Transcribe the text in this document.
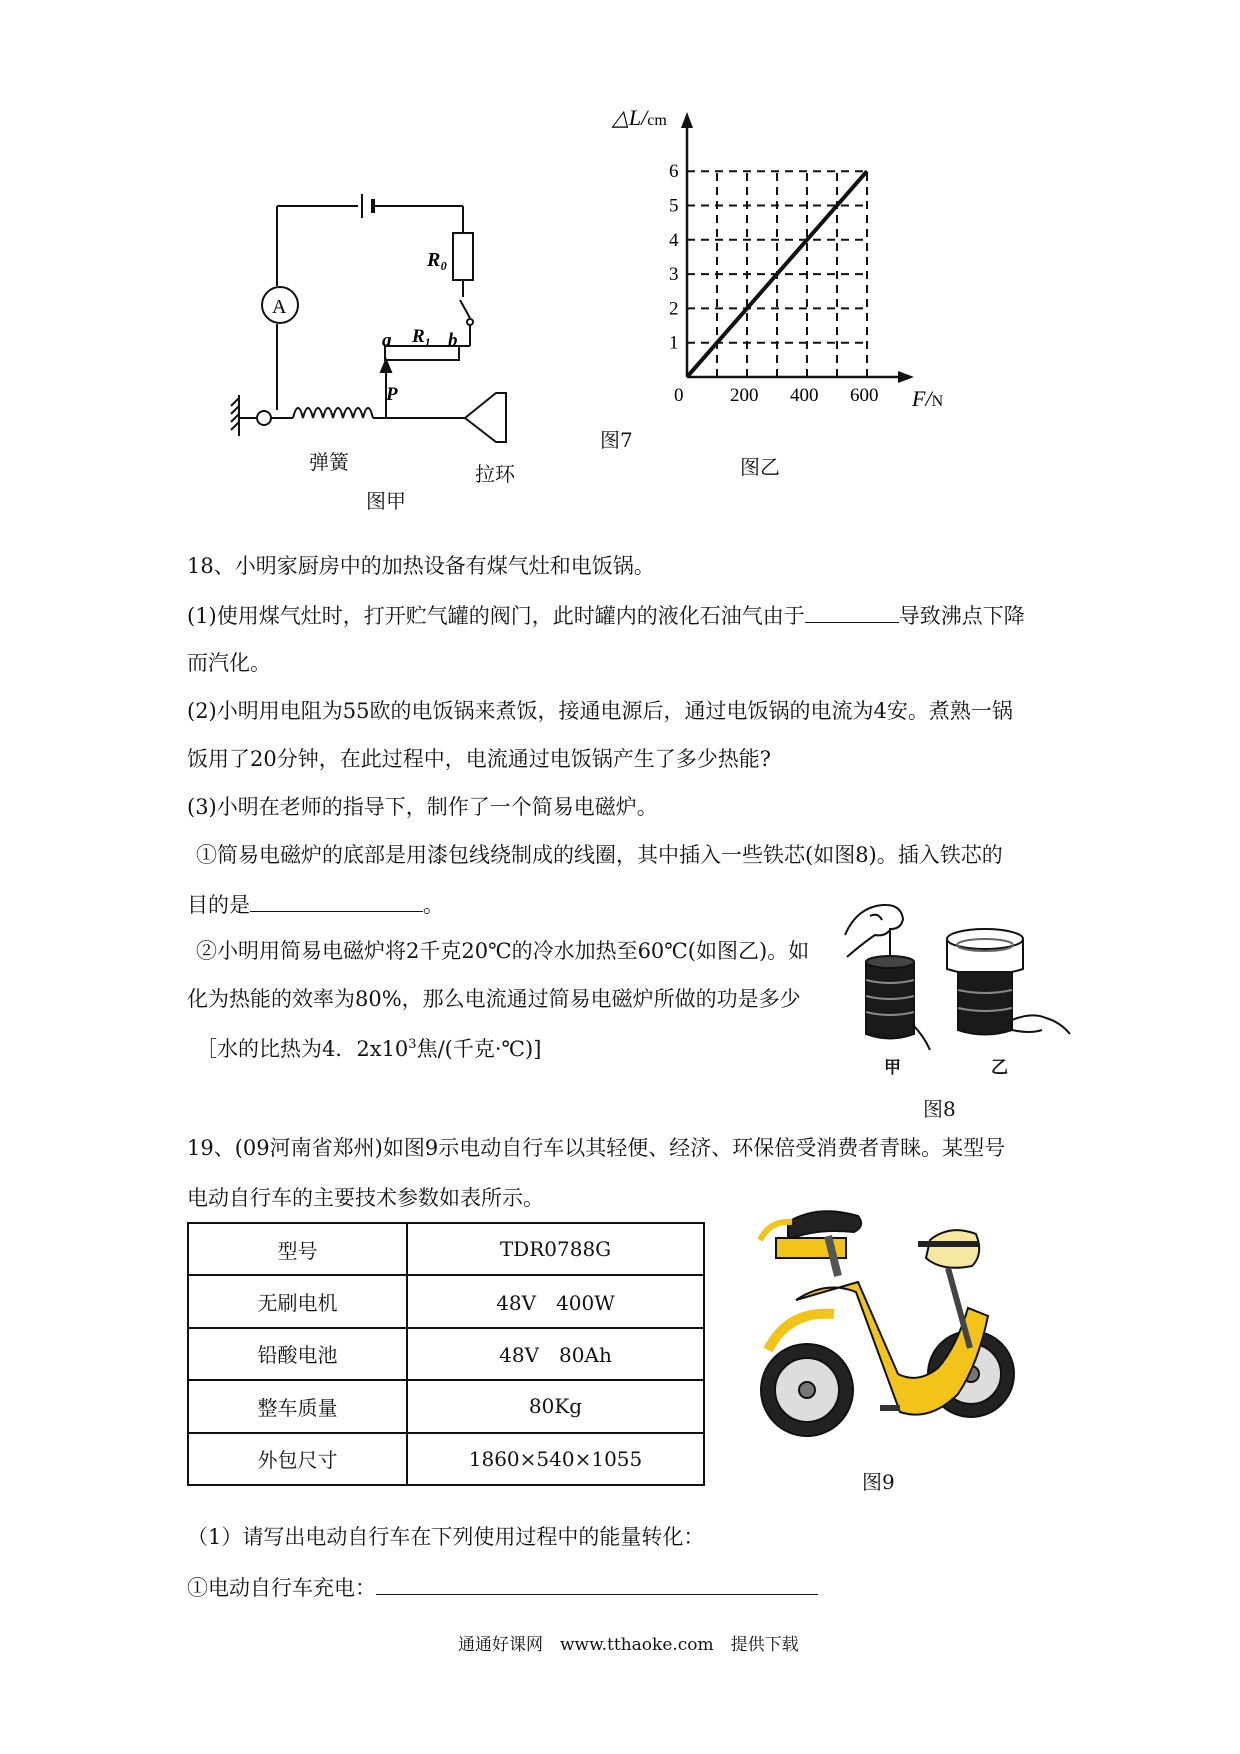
A
R₀
R₁
a	b
P
弹簧	拉环
图甲
图7
图乙
1
2
3
4
5
6
200 400 600
0
△L/cm
F/N
18、小明家厨房中的加热设备有煤气灶和电饭锅。
(1)使用煤气灶时，打开贮气罐的阀门，此时罐内的液化石油气由于	导致沸点下降
而汽化。
(2)小明用电阻为55欧的电饭锅来煮饭，接通电源后，通过电饭锅的电流为4安。煮熟一锅
饭用了20分钟，在此过程中，电流通过电饭锅产生了多少热能?
(3)小明在老师的指导下，制作了一个简易电磁炉。
①简易电磁炉的底部是用漆包线绕制成的线圈，其中插入一些铁芯(如图8)。插入铁芯的
目的是	。
②小明用简易电磁炉将2千克20℃的冷水加热至60℃(如图乙)。如
化为热能的效率为80%，那么电流通过简易电磁炉所做的功是多少
［水的比热为4．$2x10^3$焦/(千克·℃)]
甲	乙
图8
19、(09河南省郑州)如图9示电动自行车以其轻便、经济、环保倍受消费者青睐。某型号
电动自行车的主要技术参数如表所示。
型号	TDR0788G
无刷电机	48V　400W
铅酸电池	48V　80Ah
整车质量	80Kg
外包尺寸	1860×540×1055
图9
（1）请写出电动自行车在下列使用过程中的能量转化：
①电动自行车充电：
通通好课网　www.tthaoke.com　提供下载
